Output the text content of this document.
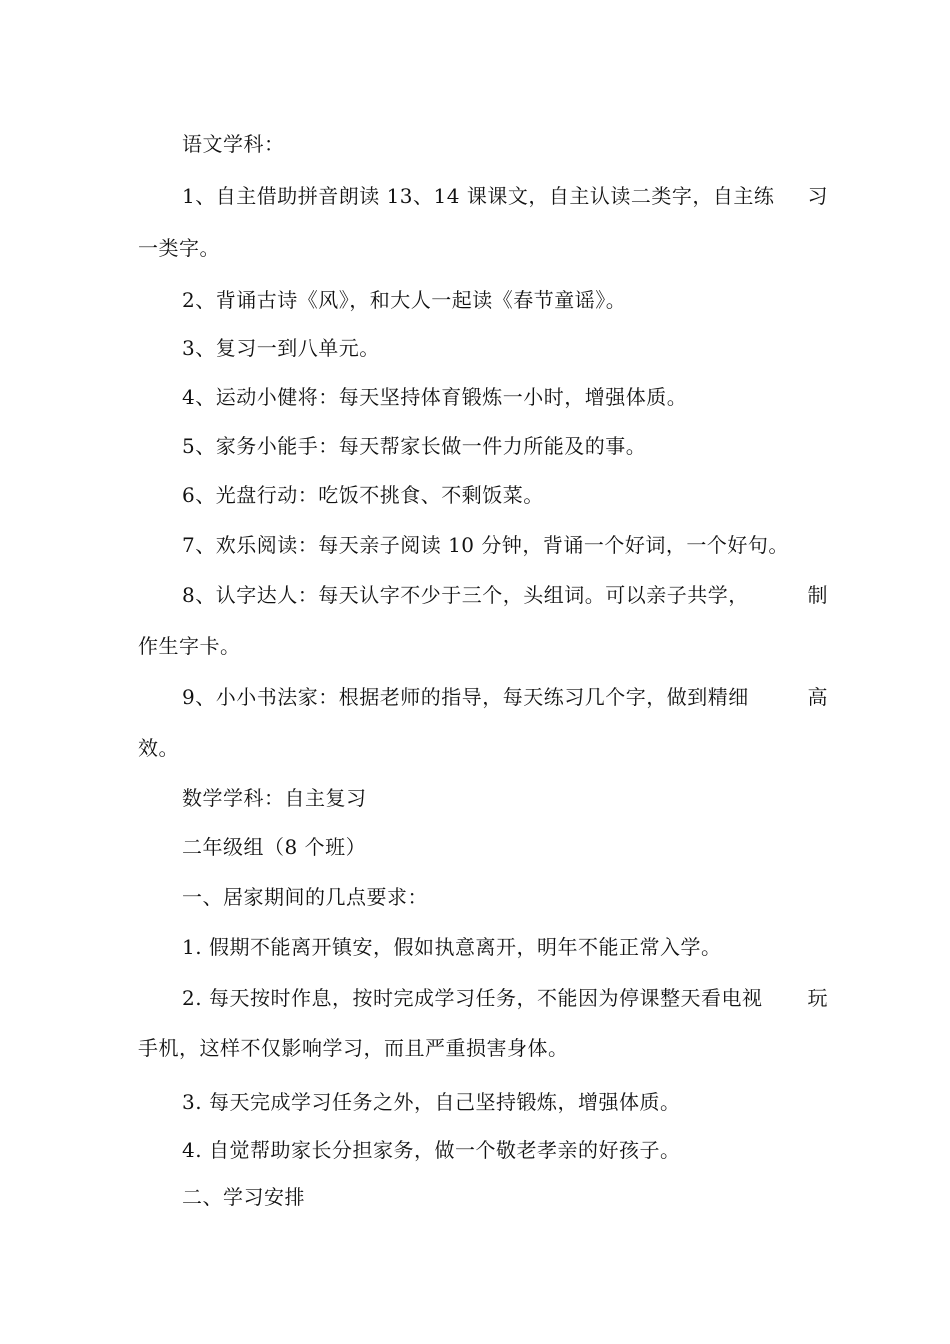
语文学科：
1、自主借助拼音朗读 13、14 课课文，自主认读二类字，自主练 习
一类字。
2、背诵古诗《风》，和大人一起读《春节童谣》。
3、复习一到八单元。
4、运动小健将：每天坚持体育锻炼一小时，增强体质。
5、家务小能手：每天帮家长做一件力所能及的事。
6、光盘行动：吃饭不挑食、不剩饭菜。
7、欢乐阅读：每天亲子阅读 10 分钟，背诵一个好词，一个好句。
8、认字达人：每天认字不少于三个，头组词。可以亲子共学，	制
作生字卡。
9、小小书法家：根据老师的指导，每天练习几个字，做到精细	高
效。
数学学科：自主复习
二年级组（8 个班）
一、居家期间的几点要求：
1. 假期不能离开镇安，假如执意离开，明年不能正常入学。
2. 每天按时作息，按时完成学习任务，不能因为停课整天看电视 玩
手机，这样不仅影响学习，而且严重损害身体。
3. 每天完成学习任务之外，自己坚持锻炼，增强体质。
4. 自觉帮助家长分担家务，做一个敬老孝亲的好孩子。
二、学习安排
